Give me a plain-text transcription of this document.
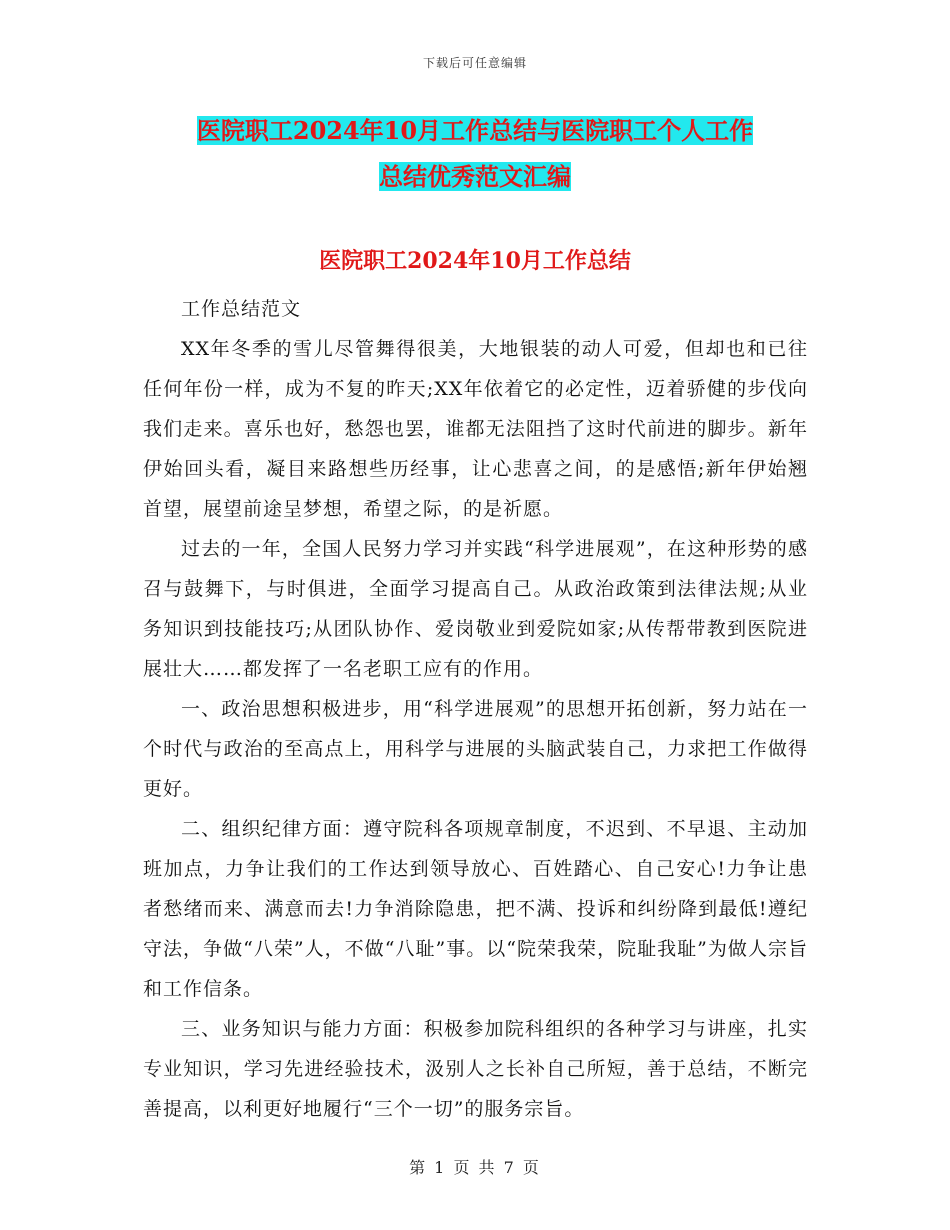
下载后可任意编辑
医院职工2024年10月工作总结与医院职工个人工作
总结优秀范文汇编
医院职工2024年10月工作总结

工作总结范文

XX年冬季的雪儿尽管舞得很美，大地银装的动人可爱，但却也和已往任何年份一样，成为不复的昨天;XX年依着它的必定性，迈着骄健的步伐向我们走来。喜乐也好，愁怨也罢，谁都无法阻挡了这时代前进的脚步。新年伊始回头看，凝目来路想些历经事，让心悲喜之间，的是感悟;新年伊始翘首望，展望前途呈梦想，希望之际，的是祈愿。

过去的一年，全国人民努力学习并实践“科学进展观”，在这种形势的感召与鼓舞下，与时俱进，全面学习提高自己。从政治政策到法律法规;从业务知识到技能技巧;从团队协作、爱岗敬业到爱院如家;从传帮带教到医院进展壮大……都发挥了一名老职工应有的作用。

一、政治思想积极进步，用“科学进展观”的思想开拓创新，努力站在一个时代与政治的至高点上，用科学与进展的头脑武装自己，力求把工作做得更好。

二、组织纪律方面：遵守院科各项规章制度，不迟到、不早退、主动加班加点，力争让我们的工作达到领导放心、百姓踏心、自己安心!力争让患者愁绪而来、满意而去!力争消除隐患，把不满、投诉和纠纷降到最低!遵纪守法，争做“八荣”人，不做“八耻”事。以“院荣我荣，院耻我耻”为做人宗旨和工作信条。

三、业务知识与能力方面：积极参加院科组织的各种学习与讲座，扎实专业知识，学习先进经验技术，汲别人之长补自己所短，善于总结，不断完善提高，以利更好地履行“三个一切”的服务宗旨。

第 1 页 共 7 页
